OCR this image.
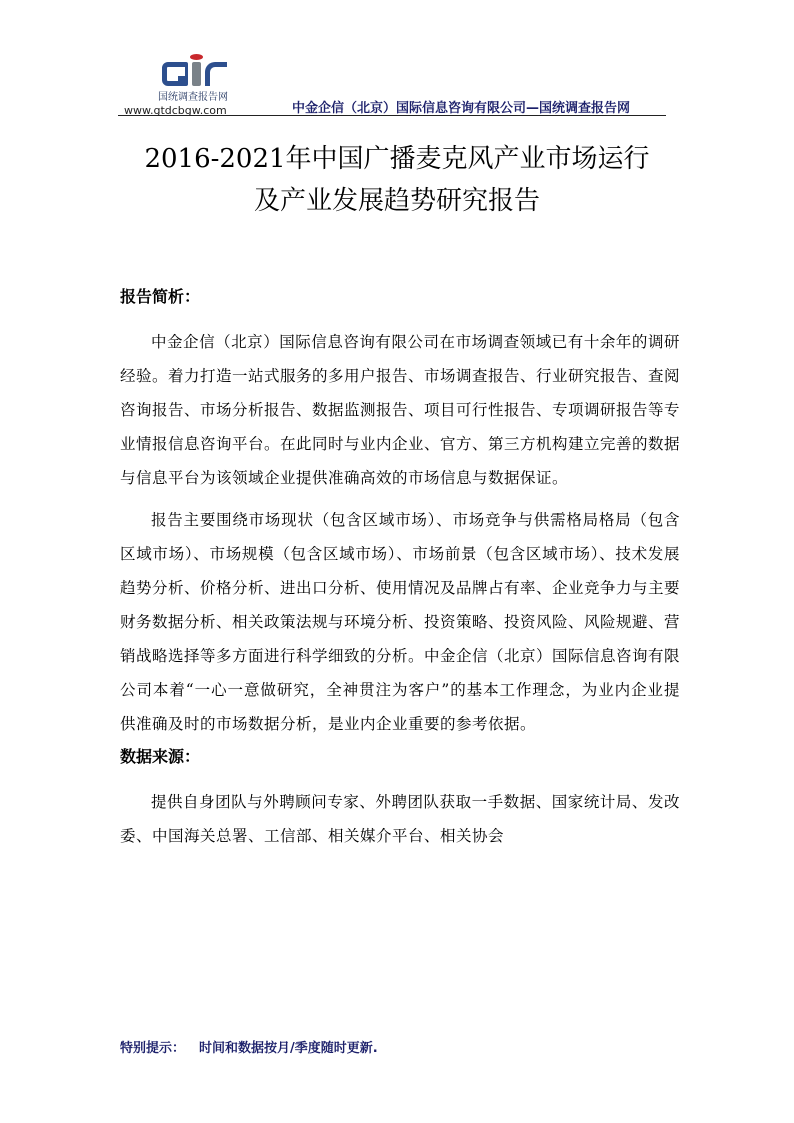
国统调查报告网
www.gtdcbgw.com	中金企信（北京）国际信息咨询有限公司—国统调查报告网
2016-2021年中国广播麦克风产业市场运行
及产业发展趋势研究报告

报告简析：

中金企信（北京）国际信息咨询有限公司在市场调查领域已有十余年的调研经验。着力打造一站式服务的多用户报告、市场调查报告、行业研究报告、查阅咨询报告、市场分析报告、数据监测报告、项目可行性报告、专项调研报告等专业情报信息咨询平台。在此同时与业内企业、官方、第三方机构建立完善的数据与信息平台为该领域企业提供准确高效的市场信息与数据保证。

报告主要围绕市场现状（包含区域市场）、市场竞争与供需格局格局（包含区域市场）、市场规模（包含区域市场）、市场前景（包含区域市场）、技术发展趋势分析、价格分析、进出口分析、使用情况及品牌占有率、企业竞争力与主要财务数据分析、相关政策法规与环境分析、投资策略、投资风险、风险规避、营销战略选择等多方面进行科学细致的分析。中金企信（北京）国际信息咨询有限公司本着“一心一意做研究，全神贯注为客户”的基本工作理念，为业内企业提供准确及时的市场数据分析，是业内企业重要的参考依据。

数据来源：

提供自身团队与外聘顾问专家、外聘团队获取一手数据、国家统计局、发改委、中国海关总署、工信部、相关媒介平台、相关协会

特别提示： 时间和数据按月/季度随时更新.
